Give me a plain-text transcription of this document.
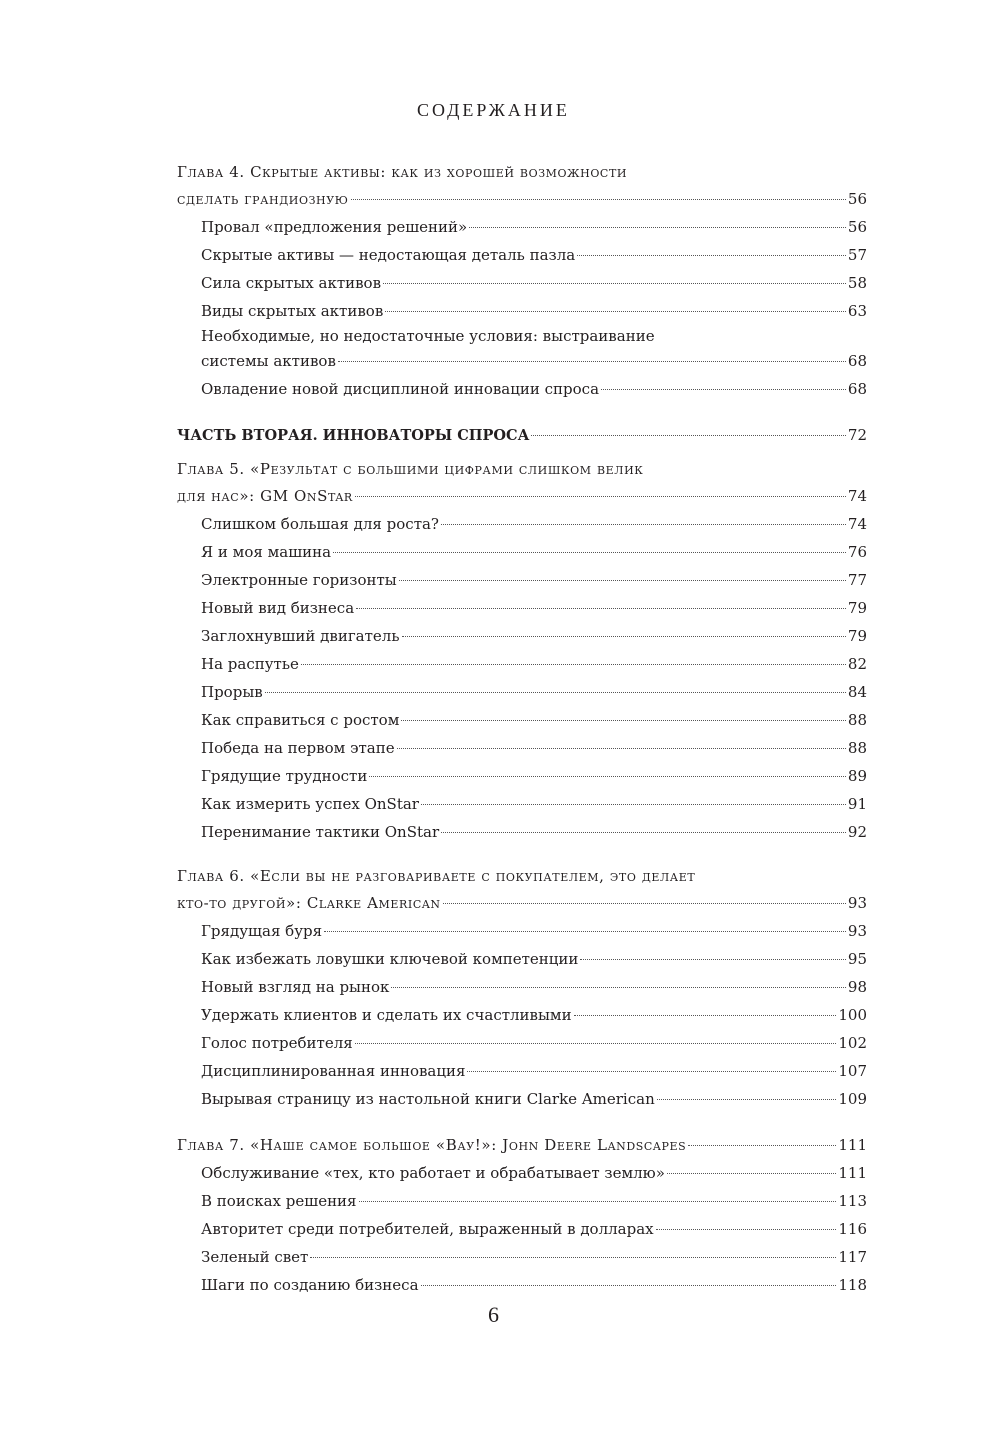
СОДЕРЖАНИЕ
Глава 4. Скрытые активы: как из хорошей возможности
сделать грандиозную	56
Провал «предложения решений»	56
Скрытые активы — недостающая деталь пазла	57
Сила скрытых активов	58
Виды скрытых активов	63
Необходимые, но недостаточные условия: выстраивание
системы активов	68
Овладение новой дисциплиной инновации спроса	68
ЧАСТЬ ВТОРАЯ. ИННОВАТОРЫ СПРОСА	72
Глава 5. «Результат с большими цифрами слишком велик
для нас»: GM OnStar	74
Слишком большая для роста?	74
Я и моя машина	76
Электронные горизонты	77
Новый вид бизнеса	79
Заглохнувший двигатель	79
На распутье	82
Прорыв	84
Как справиться с ростом	88
Победа на первом этапе	88
Грядущие трудности	89
Как измерить успех OnStar	91
Перенимание тактики OnStar	92
Глава 6. «Если вы не разговариваете с покупателем, это делает
кто-то другой»: Clarke American	93
Грядущая буря	93
Как избежать ловушки ключевой компетенции	95
Новый взгляд на рынок	98
Удержать клиентов и сделать их счастливыми	100
Голос потребителя	102
Дисциплинированная инновация	107
Вырывая страницу из настольной книги Clarke American	109
Глава 7. «Наше самое большое «Вау!»: John Deere Landscapes	111
Обслуживание «тех, кто работает и обрабатывает землю»	111
В поисках решения	113
Авторитет среди потребителей, выраженный в долларах	116
Зеленый свет	117
Шаги по созданию бизнеса	118
6
